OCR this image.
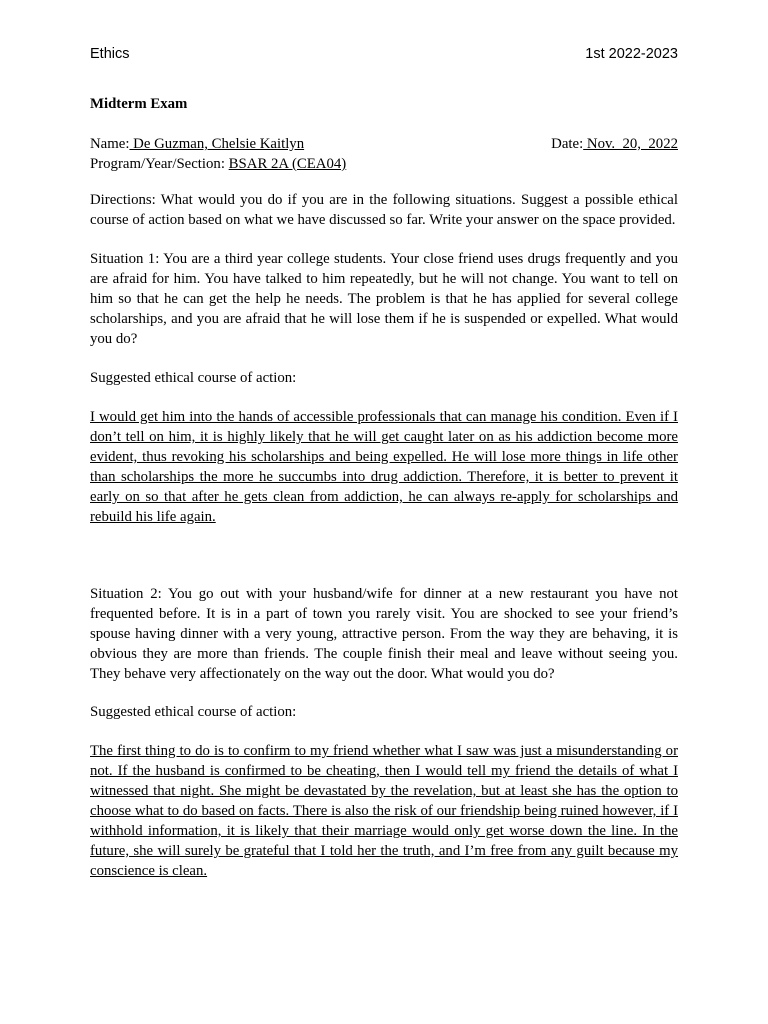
Ethics	1st 2022-2023
Midterm Exam
Name: De Guzman, Chelsie Kaitlyn	Date: Nov.  20,  2022
Program/Year/Section: BSAR 2A (CEA04)

Directions: What would you do if you are in the following situations. Suggest a possible ethical course of action based on what we have discussed so far. Write your answer on the space provided.

Situation 1: You are a third year college students. Your close friend uses drugs frequently and you are afraid for him. You have talked to him repeatedly, but he will not change. You want to tell on him so that he can get the help he needs. The problem is that he has applied for several college scholarships, and you are afraid that he will lose them if he is suspended or expelled. What would you do?

Suggested ethical course of action:

I would get him into the hands of accessible professionals that can manage his condition. Even if I don’t tell on him, it is highly likely that he will get caught later on as his addiction become more evident, thus revoking his scholarships and being expelled. He will lose more things in life other than scholarships the more he succumbs into drug addiction. Therefore, it is better to prevent it early on so that after he gets clean from addiction, he can always re-apply for scholarships and rebuild his life again.

Situation 2: You go out with your husband/wife for dinner at a new restaurant you have not frequented before. It is in a part of town you rarely visit. You are shocked to see your friend’s spouse having dinner with a very young, attractive person. From the way they are behaving, it is obvious they are more than friends. The couple finish their meal and leave without seeing you. They behave very affectionately on the way out the door. What would you do?

Suggested ethical course of action:

The first thing to do is to confirm to my friend whether what I saw was just a misunderstanding or not. If the husband is confirmed to be cheating, then I would tell my friend the details of what I witnessed that night. She might be devastated by the revelation, but at least she has the option to choose what to do based on facts. There is also the risk of our friendship being ruined however, if I withhold information, it is likely that their marriage would only get worse down the line. In the future, she will surely be grateful that I told her the truth, and I’m free from any guilt because my conscience is clean.
